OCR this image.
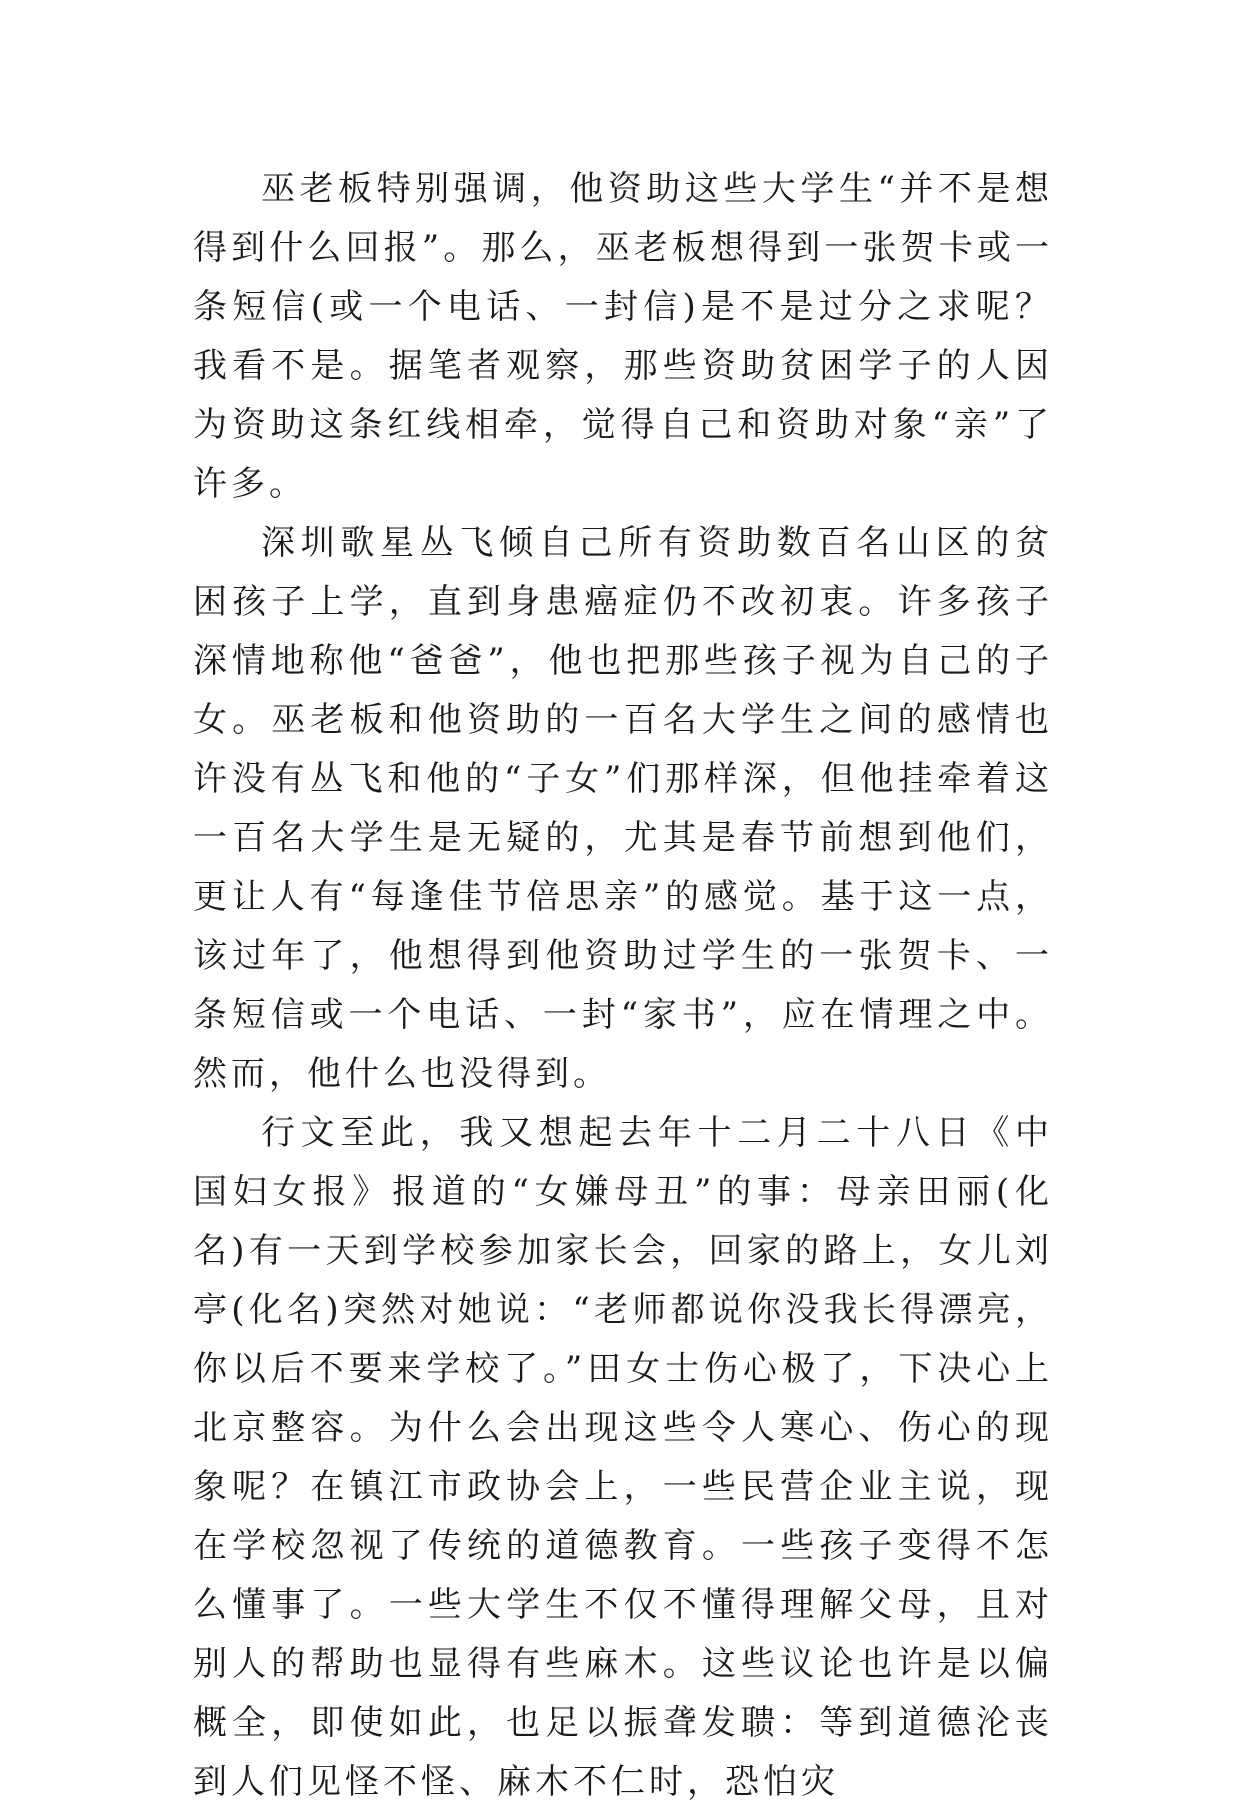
巫老板特别强调，他资助这些大学生“并不是想得到什么回报”。那么，巫老板想得到一张贺卡或一条短信(或一个电话、一封信)是不是过分之求呢？我看不是。据笔者观察，那些资助贫困学子的人因为资助这条红线相牵，觉得自己和资助对象“亲”了许多。

深圳歌星丛飞倾自己所有资助数百名山区的贫困孩子上学，直到身患癌症仍不改初衷。许多孩子深情地称他“爸爸”，他也把那些孩子视为自己的子女。巫老板和他资助的一百名大学生之间的感情也许没有丛飞和他的“子女”们那样深，但他挂牵着这一百名大学生是无疑的，尤其是春节前想到他们，更让人有“每逢佳节倍思亲”的感觉。基于这一点，该过年了，他想得到他资助过学生的一张贺卡、一条短信或一个电话、一封“家书”，应在情理之中。然而，他什么也没得到。

行文至此，我又想起去年十二月二十八日《中国妇女报》报道的“女嫌母丑”的事：母亲田丽(化名)有一天到学校参加家长会，回家的路上，女儿刘亭(化名)突然对她说：“老师都说你没我长得漂亮，你以后不要来学校了。”田女士伤心极了，下决心上北京整容。为什么会出现这些令人寒心、伤心的现象呢？在镇江市政协会上，一些民营企业主说，现在学校忽视了传统的道德教育。一些孩子变得不怎么懂事了。一些大学生不仅不懂得理解父母，且对别人的帮助也显得有些麻木。这些议论也许是以偏概全，即使如此，也足以振聋发聩：等到道德沦丧到人们见怪不怪、麻木不仁时，恐怕灾
